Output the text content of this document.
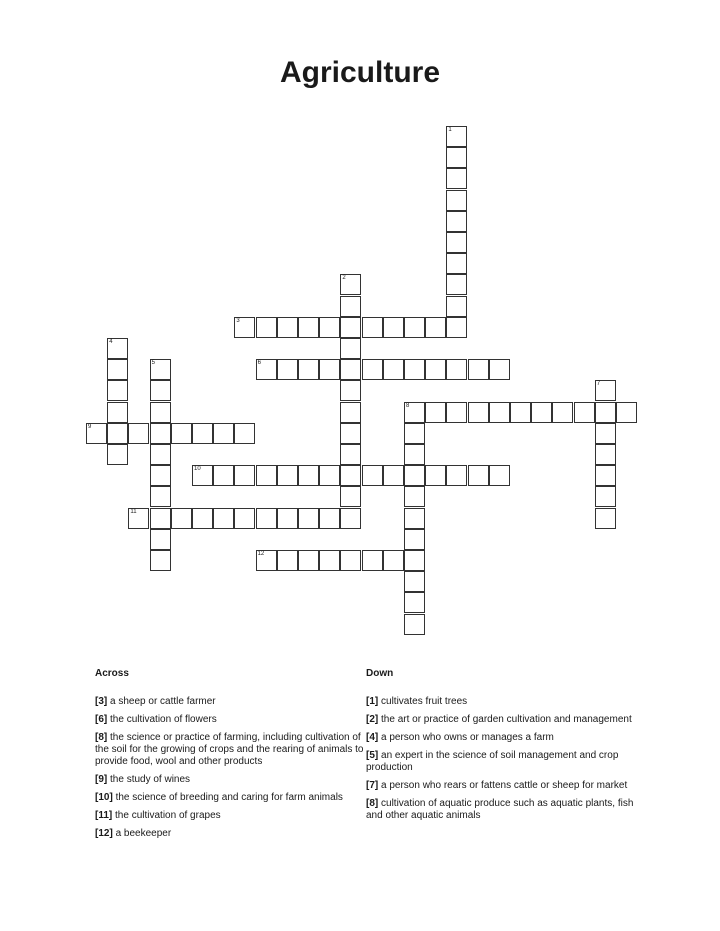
Agriculture
1
2
3
4
5	6
7
8
9
10
11
12
Across
[3] a sheep or cattle farmer
[6] the cultivation of flowers
[8] the science or practice of farming, including cultivation of the soil for the growing of crops and the rearing of animals to provide food, wool and other products
[9] the study of wines
[10] the science of breeding and caring for farm animals
[11] the cultivation of grapes
[12] a beekeeper
Down
[1] cultivates fruit trees
[2] the art or practice of garden cultivation and management
[4] a person who owns or manages a farm
[5] an expert in the science of soil management and crop production
[7] a person who rears or fattens cattle or sheep for market
[8] cultivation of aquatic produce such as aquatic plants, fish and other aquatic animals
